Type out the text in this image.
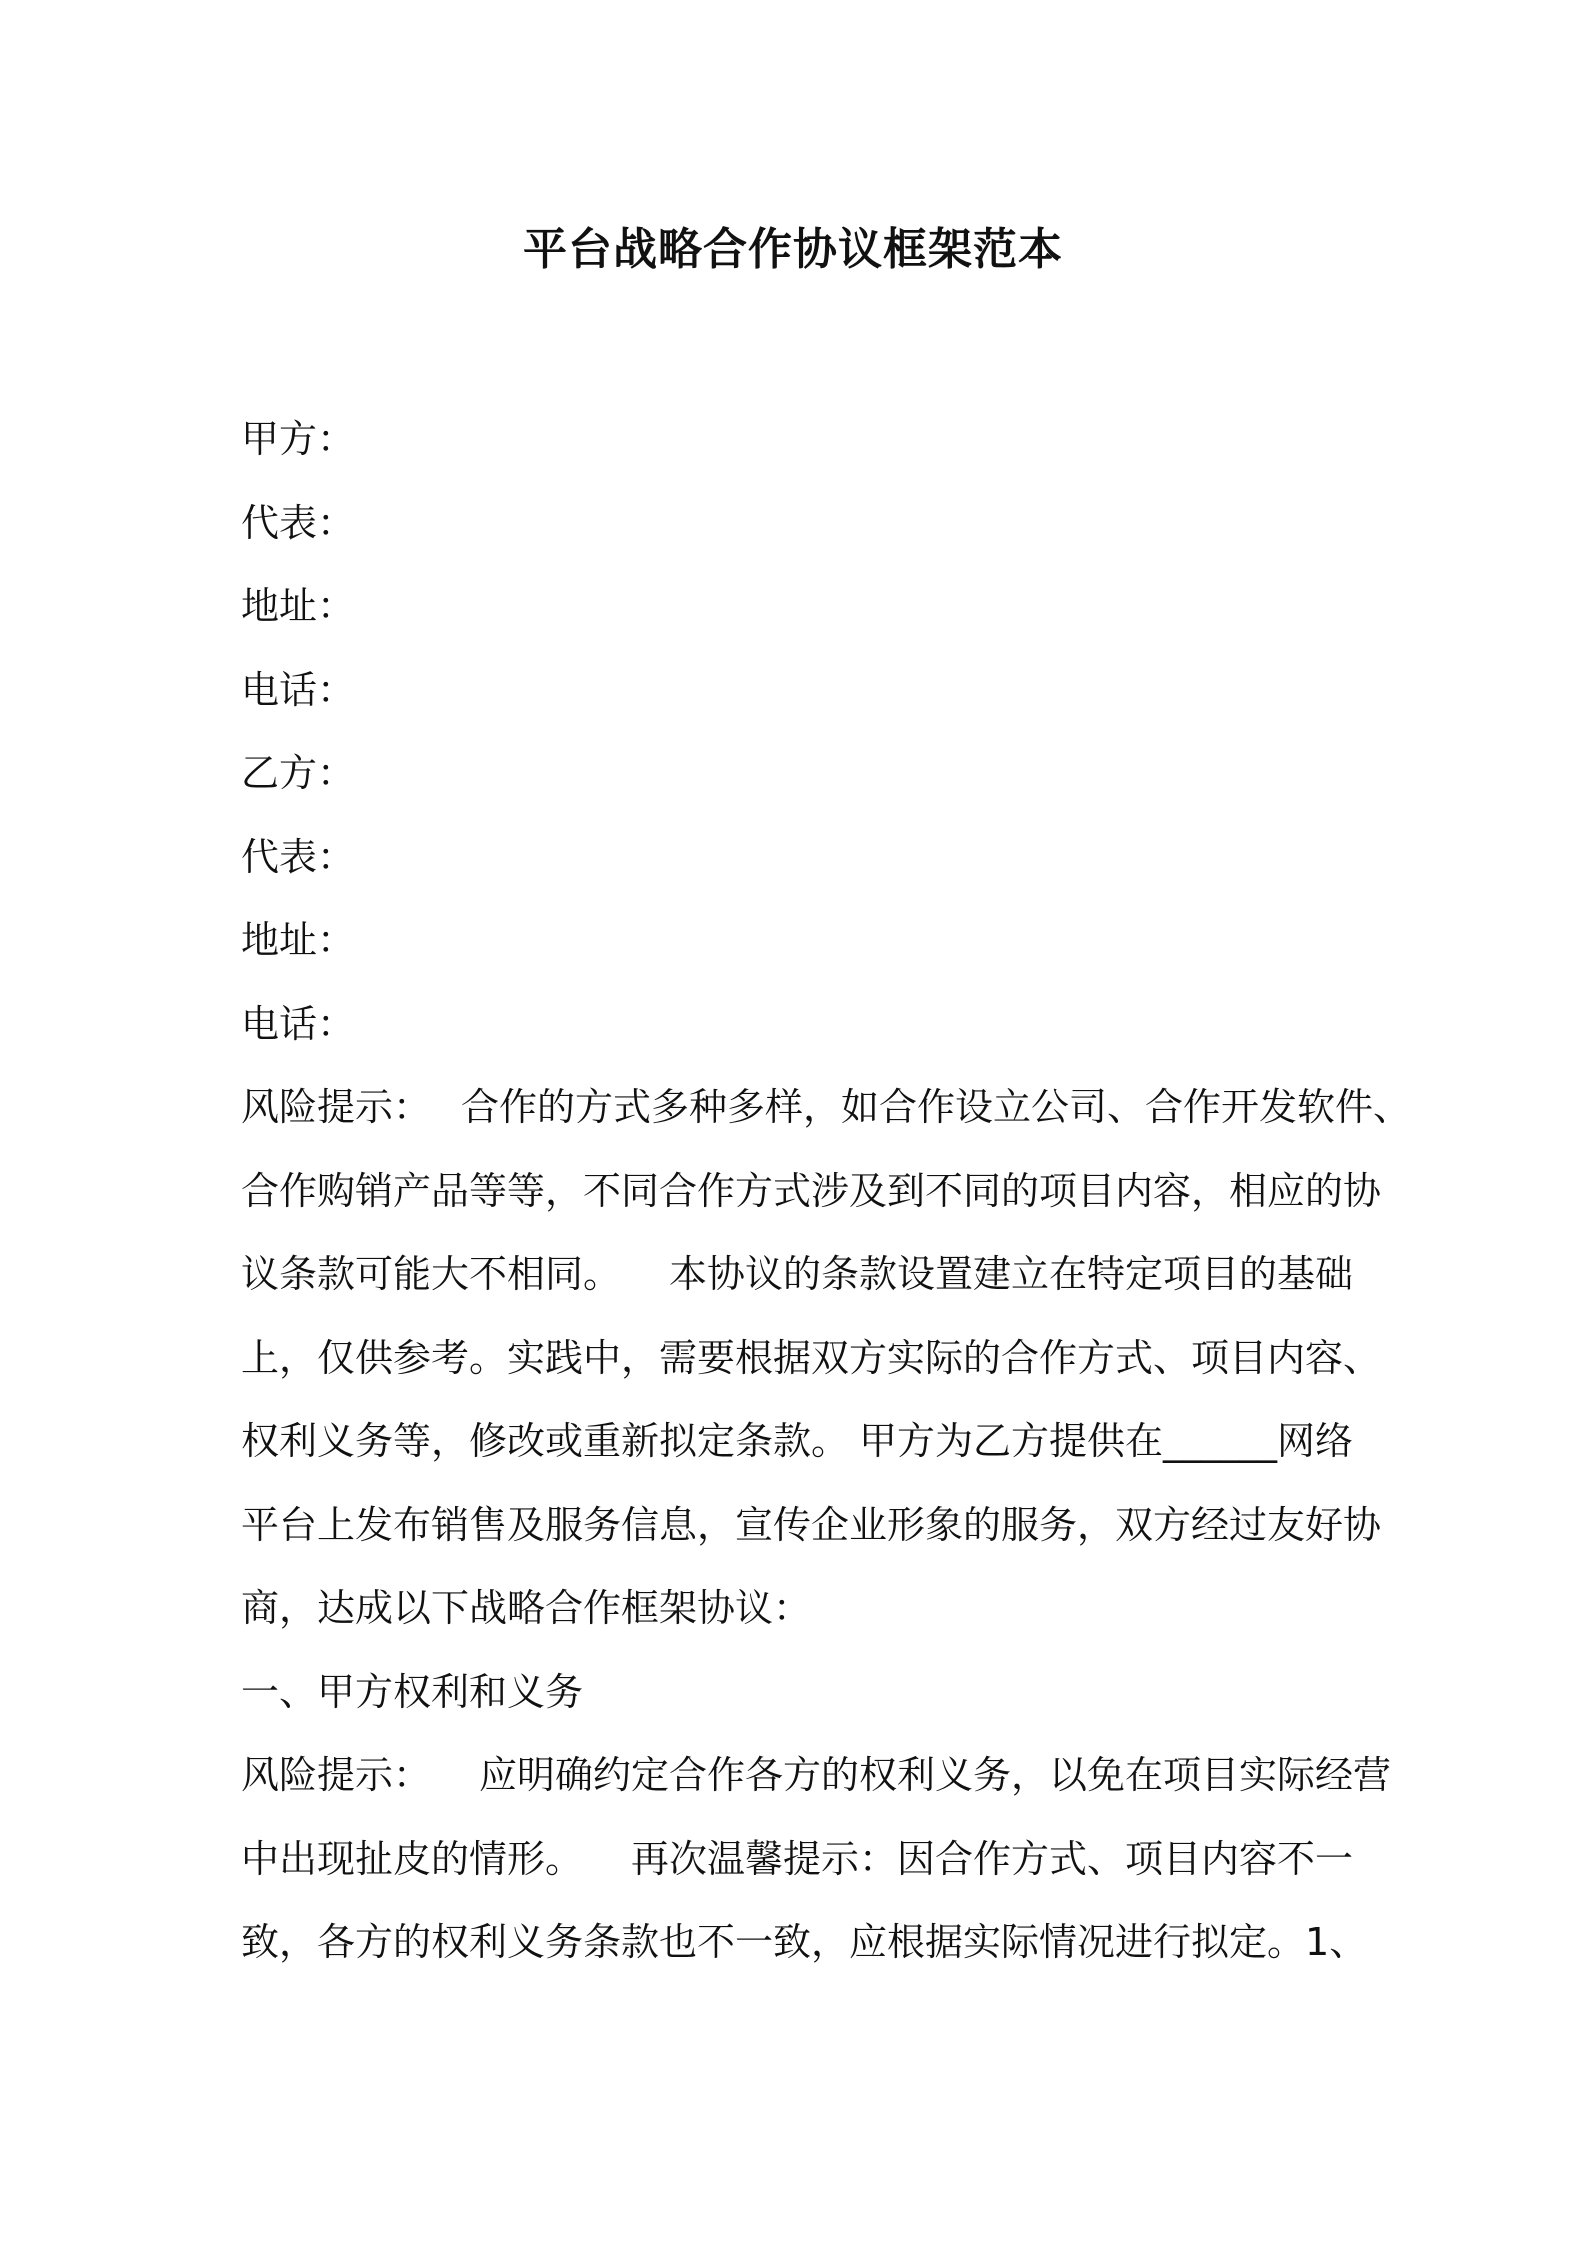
平台战略合作协议框架范本
甲方：
代表：
地址：
电话：
乙方：
代表：
地址：
电话：
风险提示： 合作的方式多种多样，如合作设立公司、合作开发软件、
合作购销产品等等，不同合作方式涉及到不同的项目内容，相应的协
议条款可能大不相同。 本协议的条款设置建立在特定项目的基础
上，仅供参考。实践中，需要根据双方实际的合作方式、项目内容、
权利义务等，修改或重新拟定条款。 甲方为乙方提供在______网络
平台上发布销售及服务信息，宣传企业形象的服务，双方经过友好协
商，达成以下战略合作框架协议：
一、甲方权利和义务
风险提示： 应明确约定合作各方的权利义务，以免在项目实际经营
中出现扯皮的情形。 再次温馨提示：因合作方式、项目内容不一
致，各方的权利义务条款也不一致，应根据实际情况进行拟定。 1、
